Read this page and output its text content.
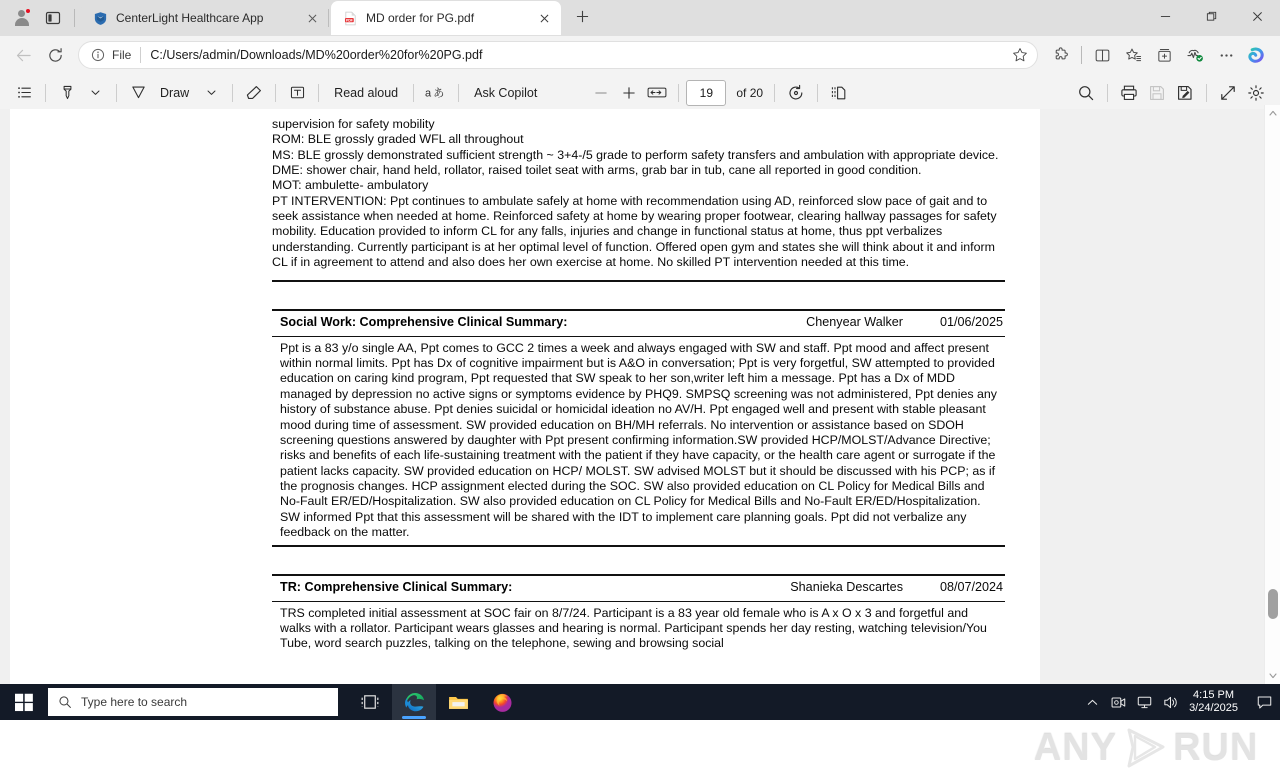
CenterLight Healthcare App	PDF MD order for PG.pdf
File C:/Users/admin/Downloads/MD%20order%20for%20PG.pdf
Draw	Read aloud	a あ	Ask Copilot	19	of 20
supervision for safety mobility
ROM: BLE grossly graded WFL all throughout
MS: BLE grossly demonstrated sufficient strength ~ 3+4-/5 grade to perform safety transfers and ambulation with appropriate device.
DME: shower chair, hand held, rollator, raised toilet seat with arms, grab bar in tub, cane all reported in good condition.
MOT: ambulette- ambulatory
PT INTERVENTION: Ppt continues to ambulate safely at home with recommendation using AD, reinforced slow pace of gait and to seek assistance when needed at home. Reinforced safety at home by wearing proper footwear, clearing hallway passages for safety mobility. Education provided to inform CL for any falls, injuries and change in functional status at home, thus ppt verbalizes understanding. Currently participant is at her optimal level of function. Offered open gym and states she will think about it and inform CL if in agreement to attend and also does her own exercise at home. No skilled PT intervention needed at this time.
Social Work: Comprehensive Clinical Summary:	Chenyear Walker	01/06/2025
Ppt is a 83 y/o single AA, Ppt comes to GCC 2 times a week and always engaged with SW and staff. Ppt mood and affect present within normal limits. Ppt has Dx of cognitive impairment but is A&O in conversation; Ppt is very forgetful, SW attempted to provided education on caring kind program, Ppt requested that SW speak to her son,writer left him a message. Ppt has a Dx of MDD managed by depression no active signs or symptoms evidence by PHQ9. SMPSQ screening was not administered, Ppt denies any history of substance abuse. Ppt denies suicidal or homicidal ideation no AV/H. Ppt engaged well and present with stable pleasant mood during time of assessment. SW provided education on BH/MH referrals. No intervention or assistance based on SDOH screening questions answered by daughter with Ppt present confirming information.SW provided HCP/MOLST/Advance Directive; risks and benefits of each life-sustaining treatment with the patient if they have capacity, or the health care agent or surrogate if the patient lacks capacity. SW provided education on HCP/ MOLST. SW advised MOLST but it should be discussed with his PCP; as if the prognosis changes. HCP assignment elected during the SOC. SW also provided education on CL Policy for Medical Bills and No-Fault ER/ED/Hospitalization. SW also provided education on CL Policy for Medical Bills and No-Fault ER/ED/Hospitalization. SW informed Ppt that this assessment will be shared with the IDT to implement care planning goals. Ppt did not verbalize any feedback on the matter.
TR: Comprehensive Clinical Summary:	Shanieka Descartes	08/07/2024
TRS completed initial assessment at SOC fair on 8/7/24. Participant is a 83 year old female who is A x O x 3 and forgetful and walks with a rollator. Participant wears glasses and hearing is normal. Participant spends her day resting, watching television/You Tube, word search puzzles, talking on the telephone, sewing and browsing social
ANY RUN
Type here to search	4:15 PM
3/24/2025
